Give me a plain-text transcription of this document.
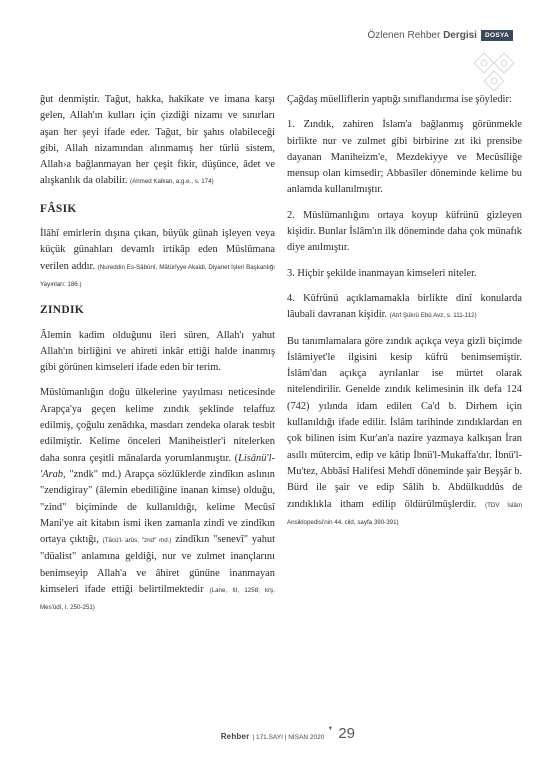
Özlenen Rehber Dergisi	DOSYA

ğut denmiştir. Tağut, hakka, hakikate ve imana karşı gelen, Allah'ın kulları için çizdiği nizamı ve sınırları aşan her şeyi ifade eder. Tağut, bir şahıs olabileceği gibi, Allah nizamından alınmamış her türlü sistem, Allah›a bağlanmayan her çeşit fikir, düşünce, âdet ve alışkanlık da olabilir. (Ahmed Kalkan, a.g.e., s. 174)

FÂSIK

İlâhî emirlerin dışına çıkan, büyük günah işleyen veya küçük günahları devamlı irtikâp eden Müslümana verilen addır. (Nureddin Es-Sâbûnî, Mâtürîyye Akaidi, Diyanet İşleri Başkanlığı Yayınları: 186.)

ZINDIK

Âlemin kadim olduğunu ileri süren, Allah'ı yahut Allah'ın birliğini ve ahireti inkâr ettiği halde inanmış gibi görünen kimseleri ifade eden bir terim.

Müslümanlığın doğu ülkelerine yayılması neticesinde Arapça'ya geçen kelime zındık şeklinde telaffuz edilmiş, çoğulu zenâdıka, masdarı zendeka olarak tesbit edilmiştir. Kelime önceleri Maniheistler'i nitelerken daha sonra çeşitli mânalarda yorumlanmıştır. (Lisânü'l-'Arab, "zndk" md.) Arapça sözlüklerde zindîkın aslının "zendigiray" (âlemin ebediliğine inanan kimse) olduğu, "zind" biçiminde de kullanıldığı, kelime Mecûsî Mani'ye ait kitabın ismi iken zamanla zindî ve zindîkın ortaya çıktığı, (Tâcü'l-ʿarûs, "znd" md.) zindîkın "senevî" yahut "düalist" anlamına geldiği, nur ve zulmet inançlarını benimseyip Allah'a ve âhiret gününe inanmayan kimseleri ifade ettiği belirtilmektedir (Lane, III, 1258; krş. Mes'ûdî, I. 250-251)

Çağdaş müelliflerin yaptığı sınıflandırma ise şöyledir:

1. Zındık, zahiren İslam'a bağlanmış görünmekle birlikte nur ve zulmet gibi birbirine zıt iki prensibe dayanan Maniheizm'e, Mezdekiyye ve Mecûsîliğe mensup olan kimsedir; Abbasîler döneminde kelime bu anlamda kullanılmıştır.

2. Müslümanlığını ortaya koyup küfrünü gizleyen kişidir. Bunlar İslâm'ın ilk döneminde daha çok münafık diye anılmıştır.

3. Hiçbir şekilde inanmayan kimseleri niteler.

4. Küfrünü açıklamamakla birlikte dinî konularda lâubali davranan kişidir. (Atıf Şükrü Ebû Avz, s. 111-112)

Bu tanımlamalara göre zındık açıkça veya gizli biçimde İslâmiyet'le ilgisini kesip küfrü benimsemiştir. İslâm'dan açıkça ayrılanlar ise mürtet olarak nitelendirilir. Genelde zındık kelimesinin ilk defa 124 (742) yılında idam edilen Ca'd b. Dirhem için kullanıldığı ifade edilir. İslâm tarihinde zındıklardan en çok bilinen isim Kur'an'a nazire yazmaya kalkışan İran asıllı mütercim, edip ve kâtip İbnü'l-Mukaffa'dır. İbnü'l-Mu'tez, Abbâsî Halifesi Mehdî döneminde şair Beşşâr b. Bürd ile şair ve edip Sâlih b. Abdülkuddûs de zındıklıkla itham edilip öldürülmüşlerdir. (TDV İslâm Ansiklopedisi'nin 44. cild, sayfa 390-391)

Rehber | 171.SAYI | NİSAN 2020
▼ 29
